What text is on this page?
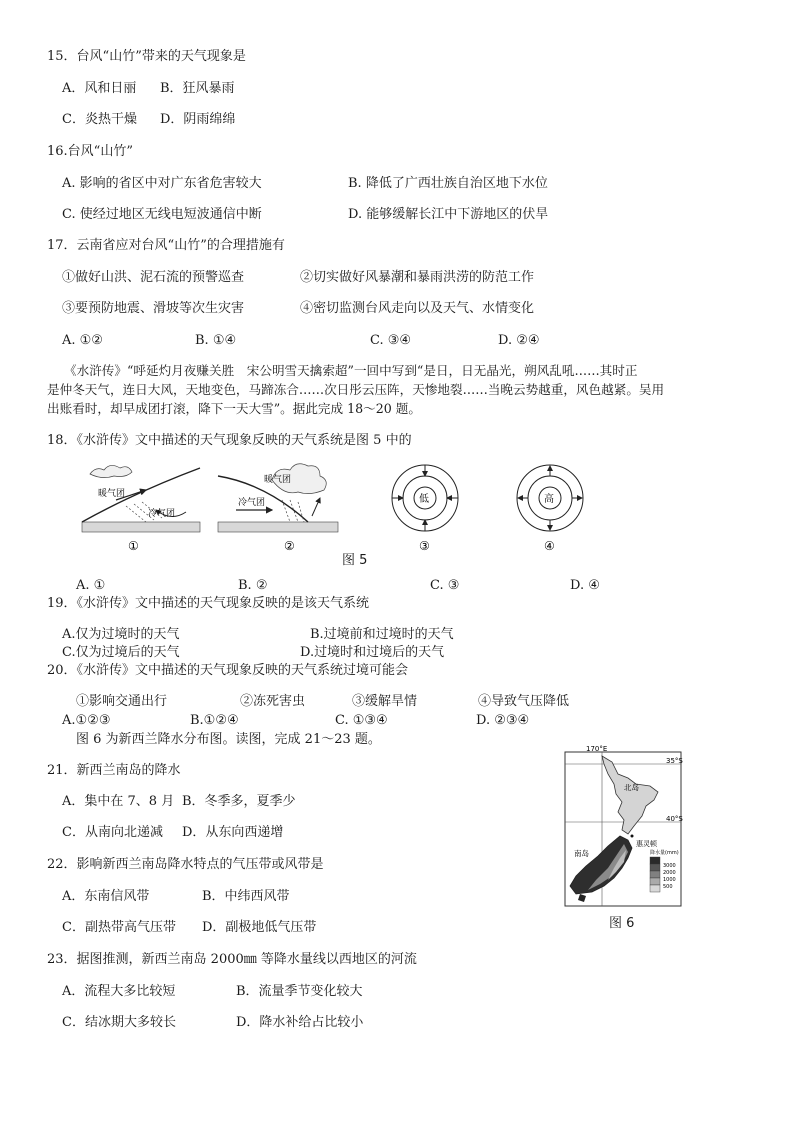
15．台风“山竹”带来的天气现象是
A．风和日丽 B．狂风暴雨
C．炎热干燥 D．阴雨绵绵
16.台风“山竹”
A. 影响的省区中对广东省危害较大	B. 降低了广西壮族自治区地下水位
C. 使经过地区无线电短波通信中断	D. 能够缓解长江中下游地区的伏旱
17．云南省应对台风“山竹”的合理措施有
①做好山洪、泥石流的预警巡查	②切实做好风暴潮和暴雨洪涝的防范工作
③要预防地震、滑坡等次生灾害	④密切监测台风走向以及天气、水情变化
A. ①②	B. ①④	C. ③④	D. ②④
《水浒传》“呼延灼月夜赚关胜　宋公明雪天擒索超”一回中写到“是日，日无晶光，朔风乱吼……其时正
是仲冬天气，连日大风，天地变色，马蹄冻合……次日彤云压阵，天惨地裂……当晚云势越重，风色越紧。吴用
出账看时，却早成团打滚，降下一天大雪”。据此完成 18～20 题。
18．《水浒传》文中描述的天气现象反映的天气系统是图 5 中的
暖气团
冷气团
暖气团
冷气团	低	高
①	②	③	④
图 5
A. ①	B. ②	C. ③	D. ④
19．《水浒传》文中描述的天气现象反映的是该天气系统
A.仅为过境时的天气	B.过境前和过境时的天气
C.仅为过境后的天气	D.过境时和过境后的天气
20．《水浒传》文中描述的天气现象反映的天气系统过境可能会
①影响交通出行	②冻死害虫	③缓解旱情	④导致气压降低
A.①②③	B.①②④	C. ①③④	D. ②③④
图 6 为新西兰降水分布图。读图，完成 21～23 题。
170°E
35°S
40°S
北岛
南岛
惠灵顿
降水量(mm)
3000
2000
1000
500
图 6
21．新西兰南岛的降水
A．集中在 7、8 月 B．冬季多，夏季少
C．从南向北递减 D．从东向西递增
22．影响新西兰南岛降水特点的气压带或风带是
A．东南信风带	B．中纬西风带
C．副热带高气压带 D．副极地低气压带
23．据图推测，新西兰南岛 2000㎜ 等降水量线以西地区的河流
A．流程大多比较短	B．流量季节变化较大
C．结冰期大多较长	D．降水补给占比较小
